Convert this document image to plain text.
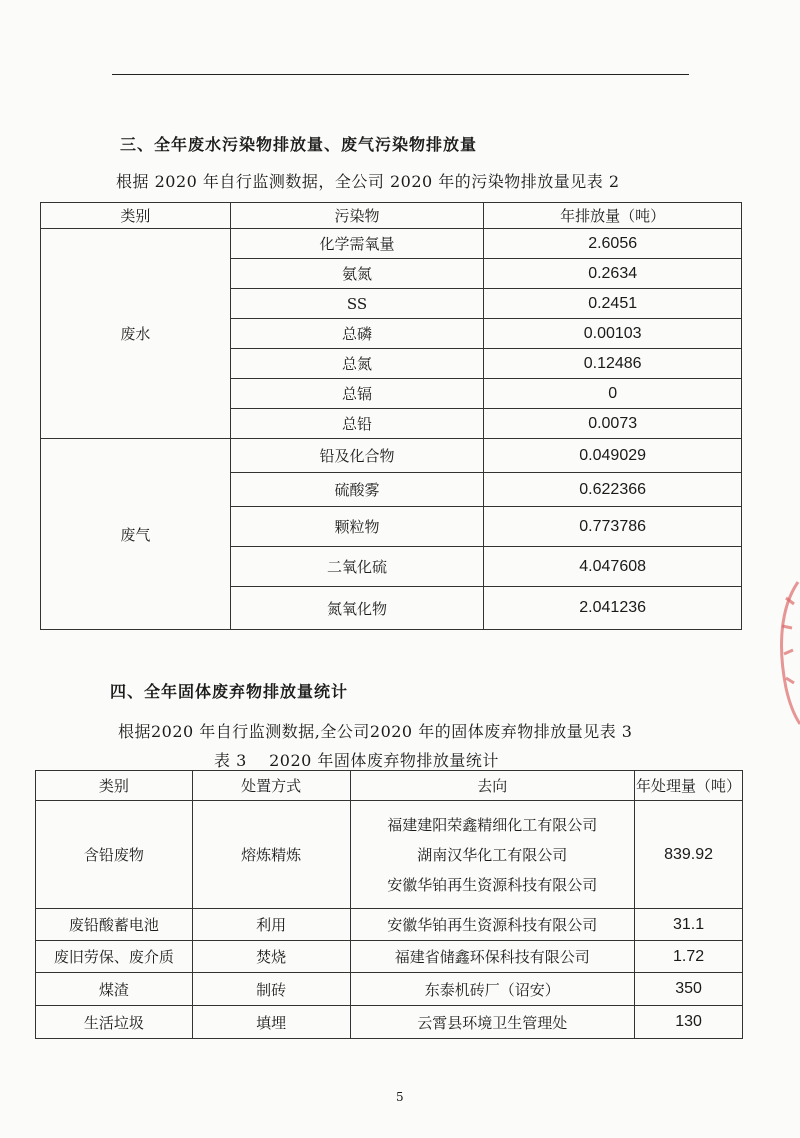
三、全年废水污染物排放量、废气污染物排放量
根据 2020 年自行监测数据，全公司 2020 年的污染物排放量见表 2
类别	污染物	年排放量（吨）
废水	化学需氧量	2.6056
	氨氮	0.2634
	SS	0.2451
	总磷	0.00103
	总氮	0.12486
	总镉	0
	总铅	0.0073
废气	铅及化合物	0.049029
	硫酸雾	0.622366
	颗粒物	0.773786
	二氧化硫	4.047608
	氮氧化物	2.041236
四、全年固体废弃物排放量统计
根据2020 年自行监测数据,全公司2020 年的固体废弃物排放量见表 3
表 3    2020 年固体废弃物排放量统计
类别	处置方式	去向	年处理量（吨）
含铅废物	熔炼精炼	福建建阳荣鑫精细化工有限公司
湖南汉华化工有限公司
安徽华铂再生资源科技有限公司	839.92
废铅酸蓄电池	利用	安徽华铂再生资源科技有限公司	31.1
废旧劳保、废介质	焚烧	福建省储鑫环保科技有限公司	1.72
煤渣	制砖	东泰机砖厂（诏安）	350
生活垃圾	填埋	云霄县环境卫生管理处	130
5
